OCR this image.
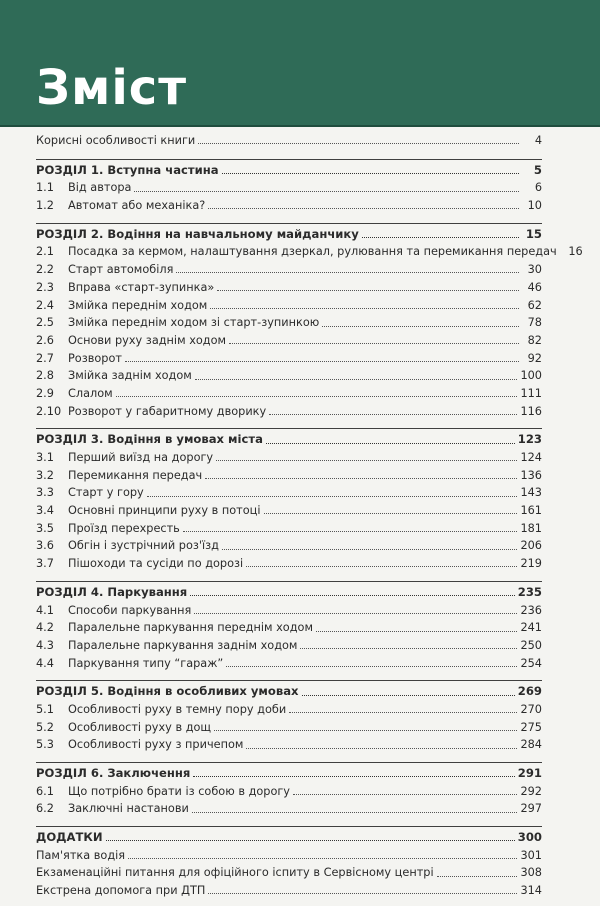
Зміст
Корисні особливості книги	4
РОЗДІЛ 1. Вступна частина	5
1.1	Від автора	6
1.2	Автомат або механіка?	10
РОЗДІЛ 2. Водіння на навчальному майданчику	15
2.1	Посадка за кермом, налаштування дзеркал, рулювання та перемикання передач	16
2.2	Старт автомобіля	30
2.3	Вправа «старт-зупинка»	46
2.4	Змійка переднім ходом	62
2.5	Змійка переднім ходом зі старт-зупинкою	78
2.6	Основи руху заднім ходом	82
2.7	Розворот	92
2.8	Змійка заднім ходом	100
2.9	Слалом	111
2.10 Розворот у габаритному дворику	116
РОЗДІЛ 3. Водіння в умовах міста	123
3.1	Перший виїзд на дорогу	124
3.2	Перемикання передач	136
3.3	Старт у гору	143
3.4	Основні принципи руху в потоці	161
3.5	Проїзд перехресть	181
3.6	Обгін і зустрічний роз'їзд	206
3.7	Пішоходи та сусіди по дорозі	219
РОЗДІЛ 4. Паркування	235
4.1	Способи паркування	236
4.2	Паралельне паркування переднім ходом	241
4.3	Паралельне паркування заднім ходом	250
4.4	Паркування типу “гараж”	254
РОЗДІЛ 5. Водіння в особливих умовах	269
5.1	Особливості руху в темну пору доби	270
5.2	Особливості руху в дощ	275
5.3	Особливості руху з причепом	284
РОЗДІЛ 6. Заключення	291
6.1	Що потрібно брати із собою в дорогу	292
6.2	Заключні настанови	297
ДОДАТКИ	300
Пам'ятка водія	301
Екзаменаційні питання для офіційного іспиту в Сервісному центрі	308
Екстрена допомога при ДТП	314
